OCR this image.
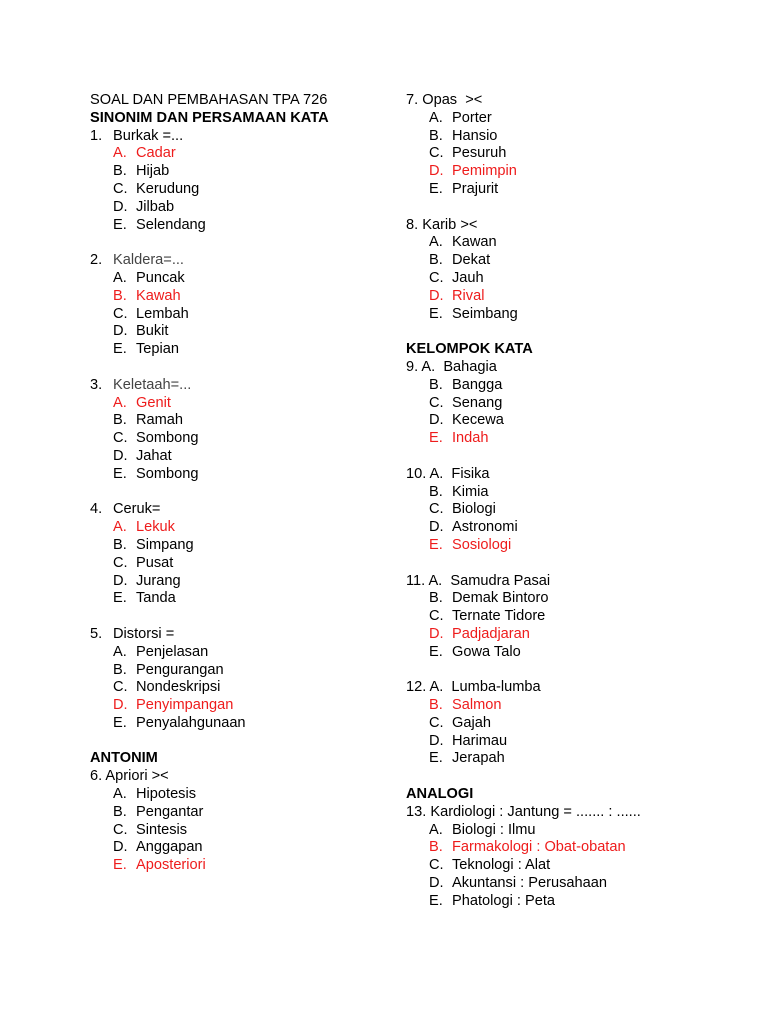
SOAL DAN PEMBAHASAN TPA 726
SINONIM DAN PERSAMAAN KATA
1. Burkak =...
A. Cadar
B. Hijab
C. Kerudung
D. Jilbab
E. Selendang
2. Kaldera=...
A. Puncak
B. Kawah
C. Lembah
D. Bukit
E. Tepian
3. Keletaah=...
A. Genit
B. Ramah
C. Sombong
D. Jahat
E. Sombong
4. Ceruk=
A. Lekuk
B. Simpang
C. Pusat
D. Jurang
E. Tanda
5. Distorsi =
A. Penjelasan
B. Pengurangan
C. Nondeskripsi
D. Penyimpangan
E. Penyalahgunaan
ANTONIM
6. Apriori ><
A. Hipotesis
B. Pengantar
C. Sintesis
D. Anggapan
E. Aposteriori
7. Opas  ><
A. Porter
B. Hansio
C. Pesuruh
D. Pemimpin
E. Prajurit
8. Karib ><
A. Kawan
B. Dekat
C. Jauh
D. Rival
E. Seimbang
KELOMPOK KATA
9. A.  Bahagia
B. Bangga
C. Senang
D. Kecewa
E. Indah
10. A.  Fisika
B. Kimia
C. Biologi
D. Astronomi
E. Sosiologi
11. A.  Samudra Pasai
B. Demak Bintoro
C. Ternate Tidore
D. Padjadjaran
E. Gowa Talo
12. A.  Lumba-lumba
B. Salmon
C. Gajah
D. Harimau
E. Jerapah
ANALOGI
13. Kardiologi : Jantung = ....... : ......
A. Biologi : Ilmu
B. Farmakologi : Obat-obatan
C. Teknologi : Alat
D. Akuntansi : Perusahaan
E. Phatologi : Peta
